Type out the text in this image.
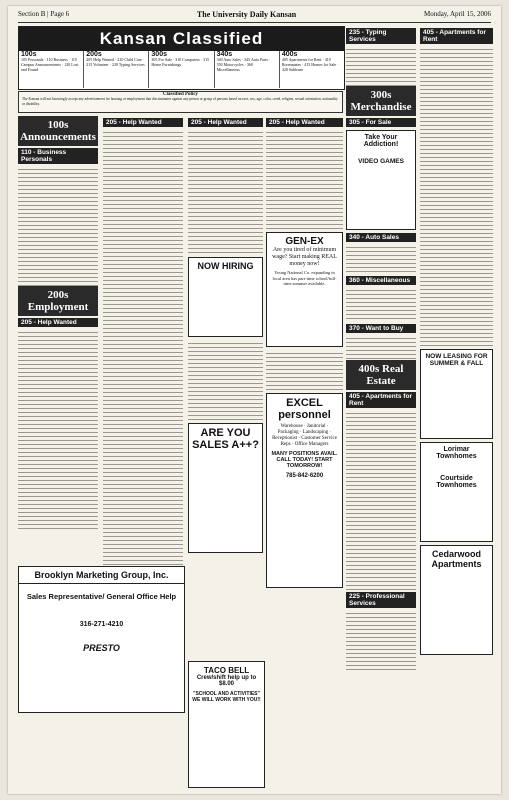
Section B | Page 6	The University Daily Kansan	Monday, April 15, 2006
Kansan Classified
100s
105 Personals · 110 Business · 115 Campus Announcements · 120 Lost and Found
200s
205 Help Wanted · 210 Child Care · 215 Volunteer · 220 Typing Services
300s
305 For Sale · 310 Computers · 315 Home Furnishings
340s
340 Auto Sales · 345 Auto Parts · 350 Motorcycles · 360 Miscellaneous
400s
405 Apartments for Rent · 410 Roommates · 415 Homes for Sale · 420 Sublease
Classified Policy
The Kansan will not knowingly accept any advertisement for housing or employment that discriminates against any person or group of persons based on race, sex, age, color, creed, religion, sexual orientation, nationality or disability.
100s Announcements
110 - Business Personals
200s Employment
205 - Help Wanted
205 - Help Wanted	205 - Help Wanted
NOW HIRING
ARE YOU SALES A++?
205 - Help Wanted
GEN-EX
Are you tired of minimum wage? Start making REAL money now!
Young National Co. expanding in local area has part-time school/full-time summer available.
EXCEL personnel
Warehouse · Janitorial · Packaging · Landscaping · Receptionist · Customer Service Reps · Office Managers
MANY POSITIONS AVAIL. CALL TODAY! START TOMORROW!
785-842-6200
Brooklyn Marketing Group, Inc.
Sales Representative/ General Office Help
316-271-4210
PRESTO
TACO BELL
Crew/shift help up to $8.00
"SCHOOL AND ACTIVITIES" WE WILL WORK WITH YOU!!
235 - Typing Services
300s Merchandise
305 - For Sale
Take Your Addiction!
VIDEO GAMES
340 - Auto Sales
360 - Miscellaneous
370 - Want to Buy
400s Real Estate
405 - Apartments for Rent
225 - Professional Services
405 - Apartments for Rent
NOW LEASING FOR SUMMER & FALL
Lorimar Townhomes
Courtside Townhomes
Cedarwood Apartments
